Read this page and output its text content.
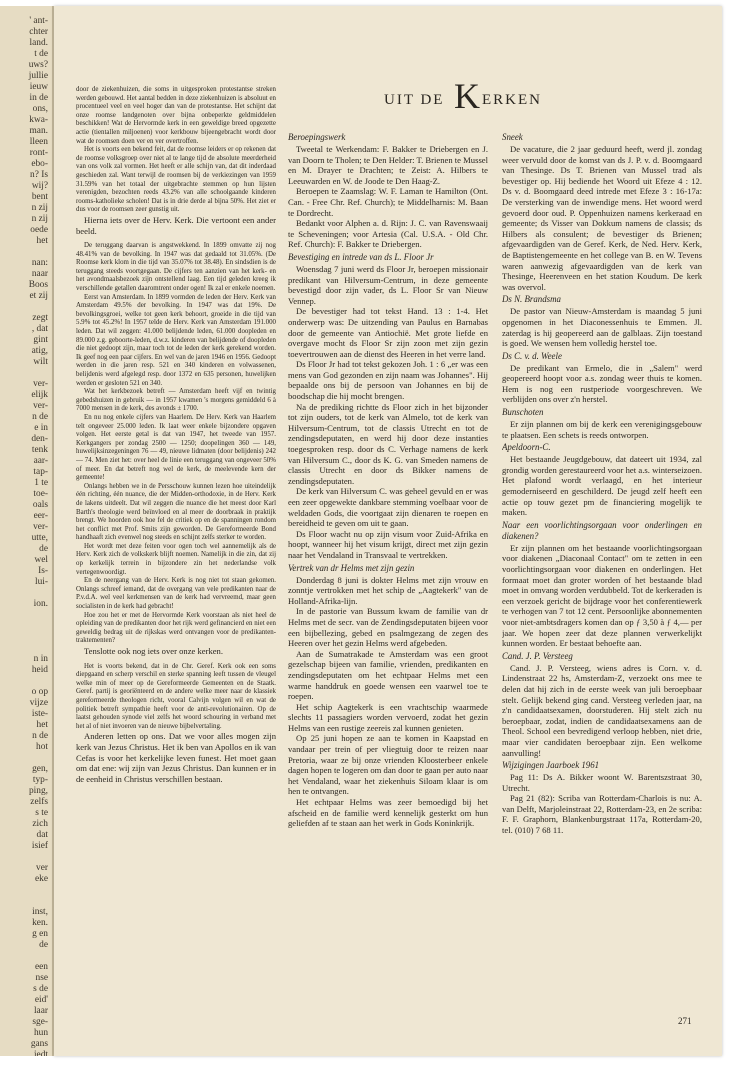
' ant-
chter
land.
t de
uws?
jullie
ieuw
in de
ons,
kwa-
man.
lleen
ront-
ebo-
n? Is
wij?
bent
n zij
n zij
oede
het
nan:
naar
Boos
et zij
zegt
, dat
gint
atig,
wilt
ver-
elijk
ver-
n de
e in
den-
tenk
aar-
tap-
1 te
toe-
oals
eer-
ver-
utte,
de
wel
Is-
lui-
ion.
n in
heid
o op
vijze
iste-
het
n de
hot
gen,
typ-
ping,
zelfs
s te
zich
dat
isief
ver
eke
inst,
ken.
g en
de
een
nse
s de
eid'
laar
sge-
hun
gans
iedt
UIT DE K ERKEN

door de ziekenhuizen, die soms in uitgesproken protestantse streken werden gebouwd. Het aantal bedden in deze ziekenhuizen is absoluut en procentueel veel en veel hoger dan van de protestantse. Het schijnt dat onze roomse landgenoten over bijna onbeperkte geldmiddelen beschikken! Wat de Hervormde kerk in een geweldige breed opgezette actie (tientallen miljoenen) voor kerkbouw bijeengebracht wordt door wat de roomsen doen ver en ver overtroffen.

Het is voorts een bekend feit, dat de roomse leiders er op rekenen dat de roomse volksgroep over niet al te lange tijd de absolute meerderheid van ons volk zal vormen. Het heeft er alle schijn van, dat dit inderdaad geschieden zal. Want terwijl de roomsen bij de verkiezingen van 1959 31.59% van het totaal der uitgebrachte stemmen op hun lijsten verenigden, bezochten reeds 43.2% van alle schoolgaande kinderen rooms-katholieke scholen! Dat is in drie derde al bijna 50%. Het ziet er dus voor de roomsen zeer gunstig uit.

Hierna iets over de Herv. Kerk. Die vertoont een ander beeld.

De teruggang daarvan is angstwekkend. In 1899 omvatte zij nog 48.41% van de bevolking. In 1947 was dat gedaald tot 31.05%. (De Roomse kerk klom in die tijd van 35.07% tot 38.48). En sindsdien is de teruggang steeds voortgegaan. De cijfers ten aanzien van het kerk- en het avondmaalsbezoek zijn ontstellend laag. Een tijd geleden kreeg ik verschillende getallen daaromtrent onder ogen! Ik zal er enkele noemen.

Eerst van Amsterdam. In 1899 vormden de leden der Herv. Kerk van Amsterdam 49.5% der bevolking. In 1947 was dat 19%. De bevolkingsgroei, welke tot geen kerk behoort, groeide in die tijd van 5.9% tot 45.2%! In 1957 telde de Herv. Kerk van Amsterdam 191.000 leden. Dat wil zeggen: 41.000 belijdende leden, 61.000 doopleden en 89.000 z.g. geboorte-leden, d.w.z. kinderen van belijdende of doopleden die niet gedoopt zijn, maar toch tot de leden der kerk gerekend worden. Ik geef nog een paar cijfers. En wel van de jaren 1946 en 1956. Gedoopt werden in die jaren resp. 521 en 340 kinderen en volwassenen, belijdenis werd afgelegd resp. door 1372 en 635 personen, huwelijken werden er gesloten 521 en 340.

Wat het kerkbezoek betreft — Amsterdam heeft vijf en twintig gebedshuizen in gebruik — in 1957 kwamen 's morgens gemiddeld 6 à 7000 mensen in de kerk, des avonds ± 1700.

En nu nog enkele cijfers van Haarlem. De Herv. Kerk van Haarlem telt ongeveer 25.000 leden. Ik laat weer enkele bijzondere opgaven volgen. Het eerste getal is dat van 1947, het tweede van 1957. Kerkgangers per zondag 2500 — 1250; doopelingen 360 — 149, huwelijksinzegeningen 76 — 49, nieuwe lidmaten (door belijdenis) 242 — 74. Men ziet het: over heel de linie een teruggang van ongeveer 50% of meer. En dat betreft nog wel de kerk, de meelevende kern der gemeente!

Onlangs hebben we in de Persschouw kunnen lezen hoe uiteindelijk één richting, één nuance, die der Midden-orthodoxie, in de Herv. Kerk de lakens uitdeelt. Dat wil zeggen die nuance die het meest door Karl Barth's theologie werd beïnvloed en al meer de doorbraak in praktijk brengt. We hoorden ook hoe fel de critiek op en de spanningen rondom het conflict met Prof. Smits zijn geworden. De Gereformeerde Bond handhaaft zich evenwel nog steeds en schijnt zelfs sterker te worden.

Het wordt met deze feiten voor ogen toch wel aannemelijk als de Herv. Kerk zich de volkskerk blijft noemen. Namelijk in die zin, dat zij op kerkelijk terrein in bijzondere zin het nederlandse volk vertegenwoordigt.

En de neergang van de Herv. Kerk is nog niet tot staan gekomen. Onlangs schreef iemand, dat de overgang van vele predikanten naar de P.v.d.A. wel veel kerkmensen van de kerk had vervreemd, maar geen socialisten in de kerk had gebracht!

Hoe zou het er met de Hervormde Kerk voorstaan als niet heel de opleiding van de predikanten door het rijk werd gefinancierd en niet een geweldig bedrag uit de rijkskas werd ontvangen voor de predikanten-traktementen?

Tenslotte ook nog iets over onze kerken.

Het is voorts bekend, dat in de Chr. Geref. Kerk ook een soms diepgaand en scherp verschil en sterke spanning leeft tussen de vleugel welke min of meer op de Gereformeerde Gemeenten en de Staatk. Geref. partij is georiënteerd en de andere welke meer naar de klassiek gereformeerde theologen richt, vooral Calvijn volgen wil en wat de politiek betreft sympathie heeft voor de anti-revolutionairen. Op de laatst gehouden synode viel zelfs het woord schouring in verband met het al of niet invoeren van de nieuwe bijbelvertaling.

Anderen letten op ons. Dat we voor alles mogen zijn kerk van Jezus Christus. Het ik ben van Apollos en ik van Cefas is voor het kerkelijke leven funest. Het moet gaan om dat ene: wij zijn van Jezus Christus. Dan kunnen er in de eenheid in Christus verschillen bestaan.

Beroepingswerk

Tweetal te Werkendam: F. Bakker te Driebergen en J. van Doorn te Tholen; te Den Helder: T. Brienen te Mussel en M. Drayer te Drachten; te Zeist: A. Hilbers te Leeuwarden en W. de Joode te Den Haag-Z.

Beroepen te Zaamslag: W. F. Laman te Hamilton (Ont. Can. - Free Chr. Ref. Church); te Middelharnis: M. Baan te Dordrecht.

Bedankt voor Alphen a. d. Rijn: J. C. van Ravenswaaij te Scheveningen; voor Artesia (Cal. U.S.A. - Old Chr. Ref. Church): F. Bakker te Driebergen.

Bevestiging en intrede van ds L. Floor Jr

Woensdag 7 juni werd ds Floor Jr, beroepen missionair predikant van Hilversum-Centrum, in deze gemeente bevestigd door zijn vader, ds L. Floor Sr van Nieuw Vennep.

De bevestiger had tot tekst Hand. 13 : 1-4. Het onderwerp was: De uitzending van Paulus en Barnabas door de gemeente van Antiochië. Met grote liefde en overgave mocht ds Floor Sr zijn zoon met zijn gezin toevertrouwen aan de dienst des Heeren in het verre land.

Ds Floor Jr had tot tekst gekozen Joh. 1 : 6 „er was een mens van God gezonden en zijn naam was Johannes". Hij bepaalde ons bij de persoon van Johannes en bij de boodschap die hij mocht brengen.

Na de prediking richtte ds Floor zich in het bijzonder tot zijn ouders, tot de kerk van Almelo, tot de kerk van Hilversum-Centrum, tot de classis Utrecht en tot de zendingsdeputaten, en werd hij door deze instanties toegesproken resp. door ds C. Verhage namens de kerk van Hilversum C., door ds K. G. van Smeden namens de classis Utrecht en door ds Bikker namens de zendingsdeputaten.

De kerk van Hilversum C. was geheel gevuld en er was een zeer opgewekte dankbare stemming voelbaar voor de weldaden Gods, die voortgaat zijn dienaren te roepen en bereidheid te geven om uit te gaan.

Ds Floor wacht nu op zijn visum voor Zuid-Afrika en hoopt, wanneer hij het visum krijgt, direct met zijn gezin naar het Vendaland in Transvaal te vertrekken.

Vertrek van dr Helms met zijn gezin

Donderdag 8 juni is dokter Helms met zijn vrouw en zonntje vertrokken met het schip de „Aagtekerk" van de Holland-Afrika-lijn.

In de pastorie van Bussum kwam de familie van dr Helms met de secr. van de Zendingsdeputaten bijeen voor een bijbellezing, gebed en psalmgezang de zegen des Heeren over het gezin Helms werd afgebeden.

Aan de Sumatrakade te Amsterdam was een groot gezelschap bijeen van familie, vrienden, predikanten en zendingsdeputaten om het echtpaar Helms met een warme handdruk en goede wensen een vaarwel toe te roepen.

Het schip Aagtekerk is een vrachtschip waarmede slechts 11 passagiers worden vervoerd, zodat het gezin Helms van een rustige zeereis zal kunnen genieten.

Op 25 juni hopen ze aan te komen in Kaapstad en vandaar per trein of per vliegtuig door te reizen naar Pretoria, waar ze bij onze vrienden Kloosterbeer enkele dagen hopen te logeren om dan door te gaan per auto naar het Vendaland, waar het ziekenhuis Siloam klaar is om hen te ontvangen.

Het echtpaar Helms was zeer bemoedigd bij het afscheid en de familie werd kennelijk gesterkt om hun geliefden af te staan aan het werk in Gods Koninkrijk.

Sneek

De vacature, die 2 jaar geduurd heeft, werd jl. zondag weer vervuld door de komst van ds J. P. v. d. Boomgaard van Thesinge. Ds T. Brienen van Mussel trad als bevestiger op. Hij bediende het Woord uit Efeze 4 : 12. Ds v. d. Boomgaard deed intrede met Efeze 3 : 16-17a: De versterking van de inwendige mens. Het woord werd gevoerd door oud. P. Oppenhuizen namens kerkeraad en gemeente; ds Visser van Dokkum namens de classis; ds Hilbers als consulent; de bevestiger ds Brienen; afgevaardigden van de Geref. Kerk, de Ned. Herv. Kerk, de Baptistengemeente en het college van B. en W. Tevens waren aanwezig afgevaardigden van de kerk van Thesinge, Heerenveen en het station Koudum. De kerk was overvol.

Ds N. Brandsma

De pastor van Nieuw-Amsterdam is maandag 5 juni opgenomen in het Diaconessenhuis te Emmen. Jl. zaterdag is hij geopereerd aan de galblaas. Zijn toestand is goed. We wensen hem volledig herstel toe.

Ds C. v. d. Weele

De predikant van Ermelo, die in „Salem" werd geopereerd hoopt voor a.s. zondag weer thuis te komen. Hem is nog een rustperiode voorgeschreven. We verblijden ons over z'n herstel.

Bunschoten

Er zijn plannen om bij de kerk een verenigingsgebouw te plaatsen. Een schets is reeds ontworpen.

Apeldoorn-C.

Het bestaande Jeugdgebouw, dat dateert uit 1934, zal grondig worden gerestaureerd voor het a.s. winterseizoen. Het plafond wordt verlaagd, en het interieur gemoderniseerd en geschilderd. De jeugd zelf heeft een actie op touw gezet pm de financiering mogelijk te maken.

Naar een voorlichtingsorgaan voor onderlingen en diakenen?

Er zijn plannen om het bestaande voorlichtingsorgaan voor diakenen „Diaconaal Contact" om te zetten in een voorlichtingsorgaan voor diakenen en onderlingen. Het formaat moet dan groter worden of het bestaande blad moet in omvang worden verdubbeld. Tot de kerkeraden is een verzoek gericht de bijdrage voor het conferentiewerk te verhogen van 7 tot 12 cent. Persoonlijke abonnementen voor niet-ambtsdragers komen dan op ƒ 3,50 à ƒ 4,— per jaar. We hopen zeer dat deze plannen verwerkelijkt kunnen worden. Er bestaat behoefte aan.

Cand. J. P. Versteeg

Cand. J. P. Versteeg, wiens adres is Corn. v. d. Lindenstraat 22 hs, Amsterdam-Z, verzoekt ons mee te delen dat hij zich in de eerste week van juli beroepbaar stelt. Gelijk bekend ging cand. Versteeg verleden jaar, na z'n candidaatsexamen, doorstuderen. Hij stelt zich nu beroepbaar, zodat, indien de candidaatsexamens aan de Theol. School een bevredigend verloop hebben, niet drie, maar vier candidaten beroepbaar zijn. Een welkome aanvulling!

Wijzigingen Jaarboek 1961

Pag 11: Ds A. Bikker woont W. Barentszstraat 30, Utrecht.

Pag 21 (82): Scriba van Rotterdam-Charlois is nu: A. van Delft, Marjoleinstraat 22, Rotterdam-23, en 2e scriba: F. F. Graphorn, Blankenburgstraat 117a, Rotterdam-20, tel. (010) 7 68 11.

271
